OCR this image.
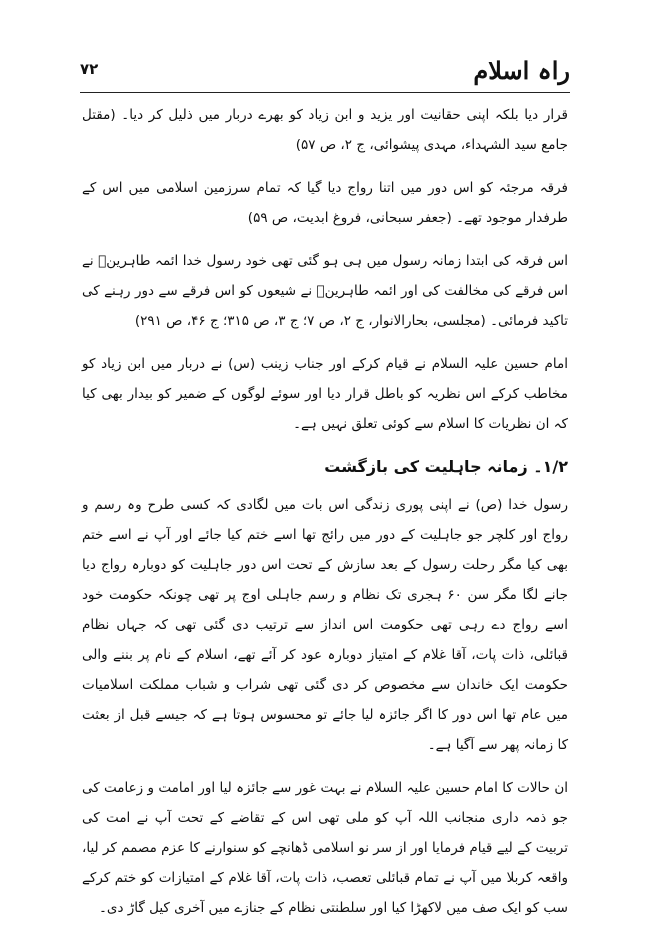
راہ اسلام
۷۲

قرار دیا بلکہ اپنی حقانیت اور یزید و ابن زیاد کو بھرے دربار میں ذلیل کر دیا۔ (مقتل جامع سید الشہداء، مہدی پیشوائی، ج ۲، ص ۵۷)

فرقہ مرجئہ کو اس دور میں اتنا رواج دیا گیا کہ تمام سرزمین اسلامی میں اس کے طرفدار موجود تھے۔ (جعفر سبحانی، فروغ ابدیت، ص ۵۹)

اس فرقہ کی ابتدا زمانہ رسول میں ہی ہو گئی تھی خود رسول خدا ائمہ طاہرینؑ نے اس فرقے کی مخالفت کی اور ائمہ طاہرینؑ نے شیعوں کو اس فرقے سے دور رہنے کی تاکید فرمائی۔ (مجلسی، بحارالانوار، ج ۲، ص ۷؛ ج ۳، ص ۳۱۵؛ ج ۴۶، ص ۲۹۱)

امام حسین علیہ السلام نے قیام کرکے اور جناب زینب (س) نے دربار میں ابن زیاد کو مخاطب کرکے اس نظریہ کو باطل قرار دیا اور سوئے لوگوں کے ضمیر کو بیدار بھی کیا کہ ان نظریات کا اسلام سے کوئی تعلق نہیں ہے۔

۱/۲۔ زمانہ جاہلیت کی بازگشت

رسول خدا (ص) نے اپنی پوری زندگی اس بات میں لگادی کہ کسی طرح وہ رسم و رواج اور کلچر جو جاہلیت کے دور میں رائج تھا اسے ختم کیا جائے اور آپ نے اسے ختم بھی کیا مگر رحلت رسول کے بعد سازش کے تحت اس دور جاہلیت کو دوبارہ رواج دیا جانے لگا مگر سن ۶۰ ہجری تک نظام و رسم جاہلی اوج پر تھی چونکہ حکومت خود اسے رواج دے رہی تھی حکومت اس انداز سے ترتیب دی گئی تھی کہ جہاں نظام قبائلی، ذات پات، آقا غلام کے امتیاز دوبارہ عود کر آئے تھے، اسلام کے نام پر بننے والی حکومت ایک خاندان سے مخصوص کر دی گئی تھی شراب و شباب مملکت اسلامیات میں عام تھا اس دور کا اگر جائزہ لیا جائے تو محسوس ہوتا ہے کہ جیسے قبل از بعثت کا زمانہ پھر سے آگیا ہے۔

ان حالات کا امام حسین علیہ السلام نے بہت غور سے جائزہ لیا اور امامت و زعامت کی جو ذمہ داری منجانب اللہ آپ کو ملی تھی اس کے تقاضے کے تحت آپ نے امت کی تربیت کے لیے قیام فرمایا اور از سر نو اسلامی ڈھانچے کو سنوارنے کا عزم مصمم کر لیا، واقعہ کربلا میں آپ نے تمام قبائلی تعصب، ذات پات، آقا غلام کے امتیازات کو ختم کرکے سب کو ایک صف میں لاکھڑا کیا اور سلطنتی نظام کے جنازے میں آخری کیل گاڑ دی۔
